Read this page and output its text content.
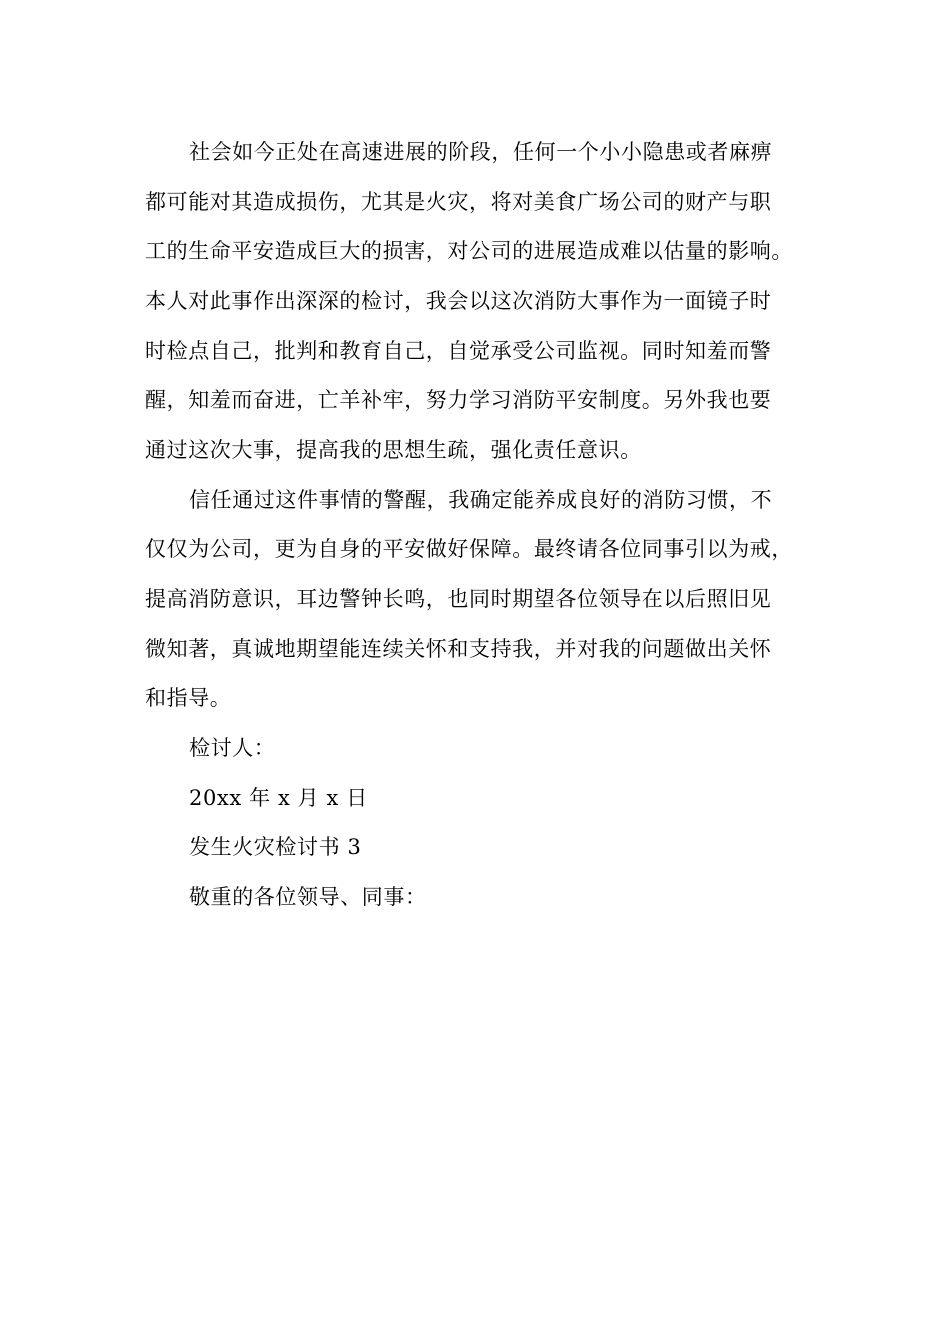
社会如今正处在高速进展的阶段，任何一个小小隐患或者麻痹
都可能对其造成损伤，尤其是火灾，将对美食广场公司的财产与职
工的生命平安造成巨大的损害，对公司的进展造成难以估量的影响。
本人对此事作出深深的检讨，我会以这次消防大事作为一面镜子时
时检点自己，批判和教育自己，自觉承受公司监视。同时知羞而警
醒，知羞而奋进，亡羊补牢，努力学习消防平安制度。另外我也要
通过这次大事，提高我的思想生疏，强化责任意识。
信任通过这件事情的警醒，我确定能养成良好的消防习惯，不
仅仅为公司，更为自身的平安做好保障。最终请各位同事引以为戒，
提高消防意识，耳边警钟长鸣，也同时期望各位领导在以后照旧见
微知著，真诚地期望能连续关怀和支持我，并对我的问题做出关怀
和指导。
检讨人：
20xx 年 x 月 x 日
发生火灾检讨书 3
敬重的各位领导、同事：
